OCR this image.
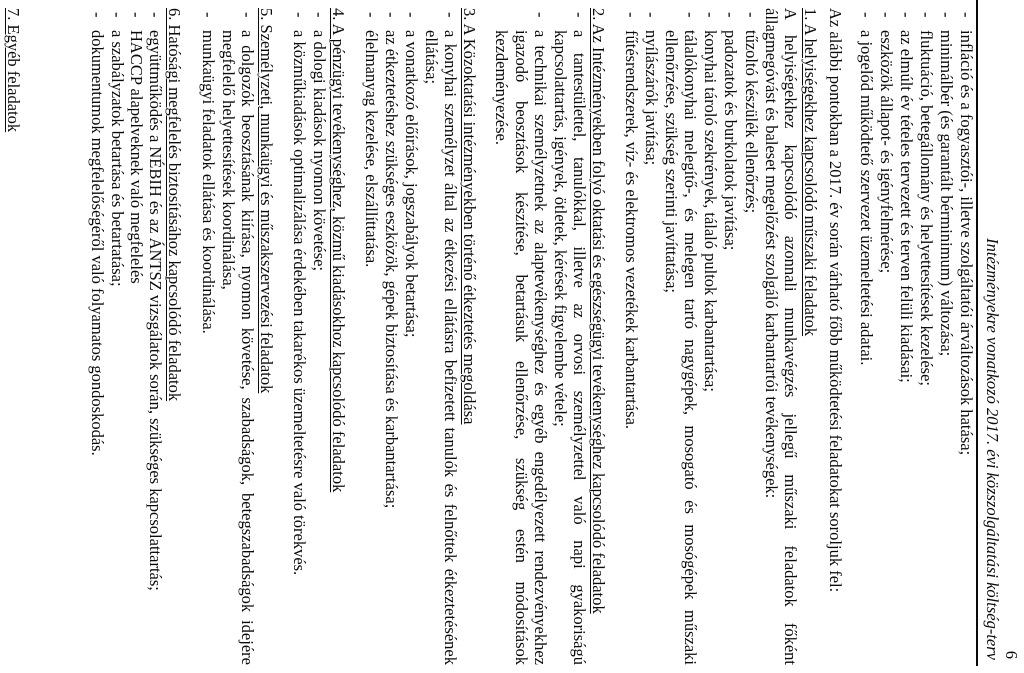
6
Intézményekre vonatkozó 2017. évi közszolgáltatási költség-terv
-
infláció és a fogyasztói-, illetve szolgáltatói árváltozások hatása;
-
minimálbér (és garantált bérminimum) változása;
-
fluktuáció, betegállomány és helyettesítések kezelése;
-
az elmúlt év tételes tervezett és terven felüli kiadásai;
-
eszközök állapot- és igényfelmérése;
-
a jogelőd működtető szervezet üzemeltetési adatai.
Az alábbi pontokban a 2017. év során várható főbb működtetési feladatokat soroljuk fel:
1. A helyiségekhez kapcsolódó műszaki feladatok
A helyiségekhez kapcsolódó azonnali munkavégzés jellegű műszaki feladatok főként
állagmegóvást és baleset megelőzést szolgáló karbantartói tevékenységek:
-
tűzoltó készülék ellenőrzés;
-
padozatok és burkolatok javítása;
-
konyhai tároló szekrények, tálaló pultok karbantartása;
-
tálalókonyhai melegítő-, és melegen tartó nagygépek, mosogató és mosógépek műszaki
ellenőrzése, szükség szerinti javíttatása;
-
nyílászárók javítása;
-
fűtésrendszerek, víz- és elektromos vezetékek karbantartása.
2. Az Intézményekben folyó oktatási és egészségügyi tevékenységhez kapcsolódó feladatok
-
a tantestülettel, tanulókkal, illetve az orvosi személyzettel való napi gyakoriságú
kapcsolattartás, igények, ötletek, kérések figyelembe vétele;
-
a technikai személyzetnek az alaptevékenységhez és egyéb engedélyezett rendezvényekhez
igazodó beosztások készítése, betartásuk ellenőrzése, szükség estén módosítások
kezdeményezése.
3. A Közoktatási intézményekben történő étkeztetés megoldása
-
a konyhai személyzet által az étkezési ellátásra befizetett tanulók és felnőttek étkeztetésének
ellátása;
-
a vonatkozó előírások, jogszabályok betartása;
-
az étkeztetéshez szükséges eszközök, gépek biztosítása és karbantartása;
-
élelmanyag kezelése, elszállíttatása.
4. A pénzügyi tevékenységhez, közmű kiadásokhoz kapcsolódó feladatok
-
a dologi kiadások nyomon követése;
-
a közműkiadások optimalizálása érdekében takarékos üzemeltetésre való törekvés.
5. Személyzeti, munkaügyi és műszakszervezési feladatok
-
a dolgozók beosztásának kiírása, nyomon követése, szabadságok, betegszabadságok idejére
megfelelő helyettesítések koordinálása,
-
munkaügyi feladatok ellátása és koordinálása.
6. Hatósági megfelelés biztosításához kapcsolódó feladatok
-
együttműködés a NÉBIH és az ÁNTSZ vizsgálatok során, szükséges kapcsolattartás;
-
HACCP alapelveknek való megfelelés
-
a szabályzatok betartása és betartatása;
-
dokumentumok megfelelőségéről való folyamatos gondoskodás.
7. Egyéb feladatok
